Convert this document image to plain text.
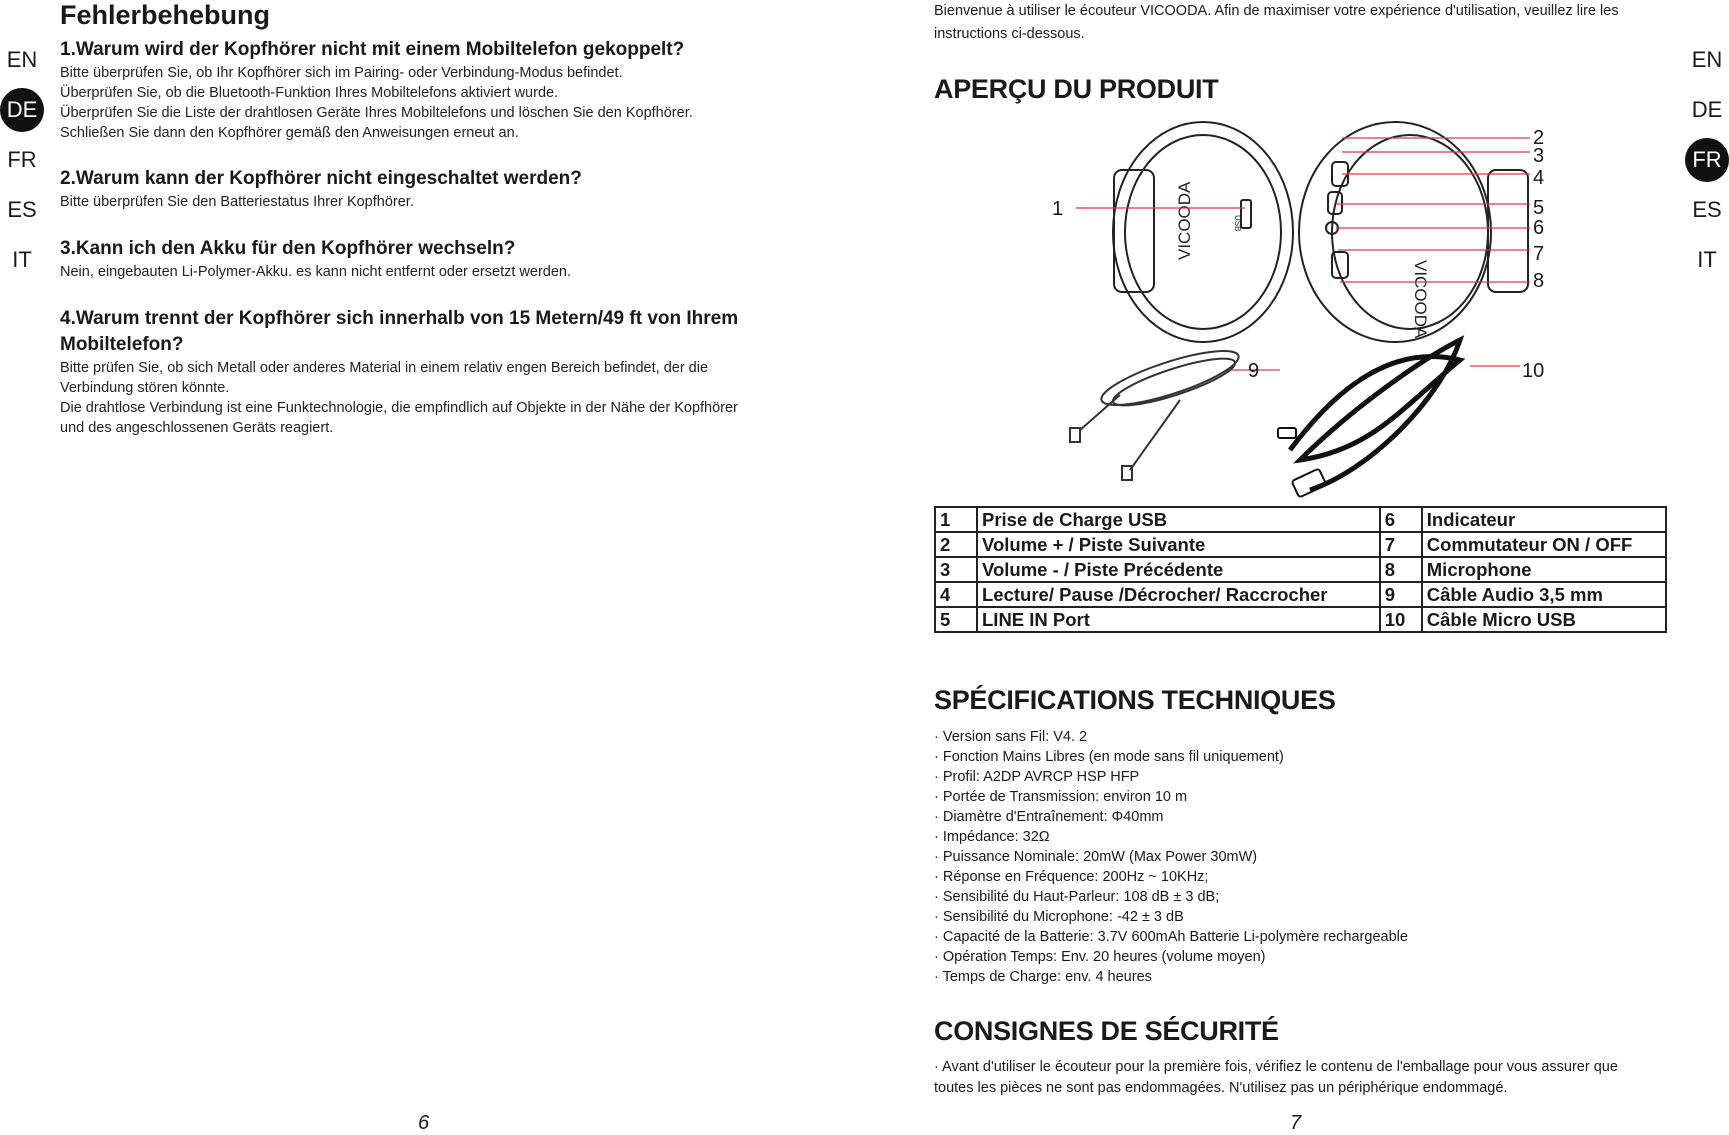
EN
DE
FR
ES
IT
Fehlerbehebung
1.Warum wird der Kopfhörer nicht mit einem Mobiltelefon gekoppelt?
Bitte überprüfen Sie, ob Ihr Kopfhörer sich im Pairing- oder Verbindung-Modus befindet.
Überprüfen Sie, ob die Bluetooth-Funktion Ihres Mobiltelefons aktiviert wurde.
Überprüfen Sie die Liste der drahtlosen Geräte Ihres Mobiltelefons und löschen Sie den Kopfhörer.
Schließen Sie dann den Kopfhörer gemäß den Anweisungen erneut an.
2.Warum kann der Kopfhörer nicht eingeschaltet werden?
Bitte überprüfen Sie den Batteriestatus Ihrer Kopfhörer.
3.Kann ich den Akku für den Kopfhörer wechseln?
Nein, eingebauten Li-Polymer-Akku. es kann nicht entfernt oder ersetzt werden.
4.Warum trennt der Kopfhörer sich innerhalb von 15 Metern/49 ft von Ihrem
Mobiltelefon?
Bitte prüfen Sie, ob sich Metall oder anderes Material in einem relativ engen Bereich befindet, der die
Verbindung stören könnte.
Die drahtlose Verbindung ist eine Funktechnologie, die empfindlich auf Objekte in der Nähe der Kopfhörer
und des angeschlossenen Geräts reagiert.
6
EN
DE
FR
ES
IT
Bienvenue à utiliser le écouteur VICOODA. Afin de maximiser votre expérience d'utilisation, veuillez lire les
instructions ci-dessous.
APERÇU DU PRODUIT
VICOODA
VICOODA
USB
1
2
3
4
5
6
7
8
9	10
1	Prise de Charge USB	6	Indicateur
2	Volume + / Piste Suivante	7	Commutateur ON / OFF
3	Volume - / Piste Précédente	8	Microphone
4	Lecture/ Pause /Décrocher/ Raccrocher	9	Câble Audio 3,5 mm
5	LINE IN Port	10	Câble Micro USB
SPÉCIFICATIONS TECHNIQUES
· Version sans Fil: V4. 2
· Fonction Mains Libres (en mode sans fil uniquement)
· Profil: A2DP AVRCP HSP HFP
· Portée de Transmission: environ 10 m
· Diamètre d'Entraînement: Φ40mm
· Impédance: 32Ω
· Puissance Nominale: 20mW (Max Power 30mW)
· Réponse en Fréquence: 200Hz ~ 10KHz;
· Sensibilité du Haut-Parleur: 108 dB ± 3 dB;
· Sensibilité du Microphone: -42 ± 3 dB
· Capacité de la Batterie: 3.7V 600mAh Batterie Li-polymère rechargeable
· Opération Temps: Env. 20 heures (volume moyen)
· Temps de Charge: env. 4 heures
CONSIGNES DE SÉCURITÉ
· Avant d'utiliser le écouteur pour la première fois, vérifiez le contenu de l'emballage pour vous assurer que
toutes les pièces ne sont pas endommagées. N'utilisez pas un périphérique endommagé.
7
